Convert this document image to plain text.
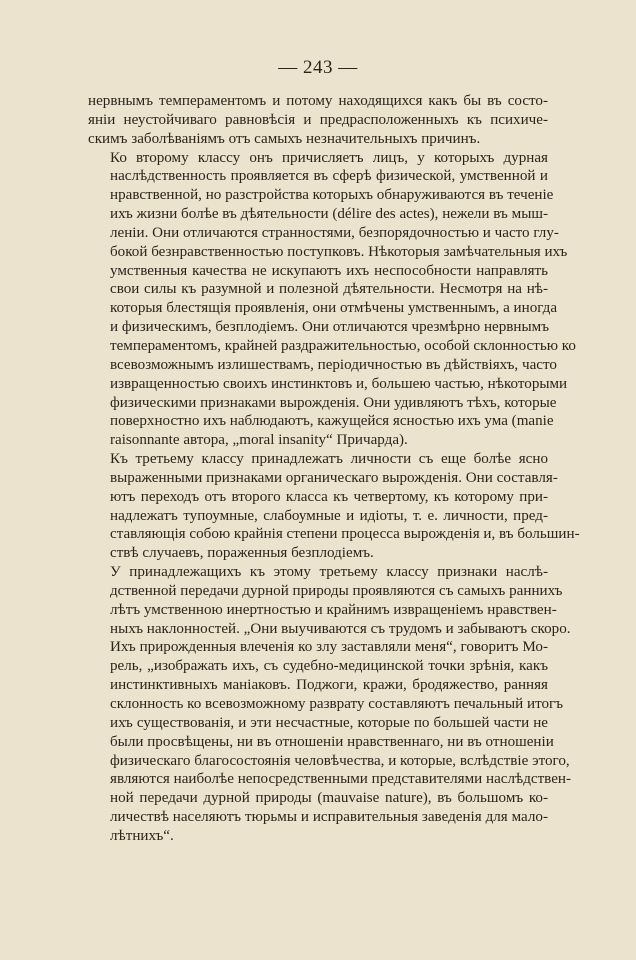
— 243 —

нервнымъ темпераментомъ и потому находящихся какъ бы въ состо-
яніи неустойчиваго равновѣсія и предрасположенныхъ къ психиче-
скимъ заболѣваніямъ отъ самыхъ незначительныхъ причинъ.

Ко второму классу онъ причисляетъ лицъ, у которыхъ дурная
наслѣдственность проявляется въ сферѣ физической, умственной и
нравственной, но разстройства которыхъ обнаруживаются въ теченіе
ихъ жизни болѣе въ дѣятельности (délire des actes), нежели въ мыш-
леніи. Они отличаются странностями, безпорядочностью и часто глу-
бокой безнравственностью поступковъ. Нѣкоторыя замѣчательныя ихъ
умственныя качества не искупаютъ ихъ неспособности направлять
свои силы къ разумной и полезной дѣятельности. Несмотря на нѣ-
которыя блестящія проявленія, они отмѣчены умственнымъ, а иногда
и физическимъ, безплодіемъ. Они отличаются чрезмѣрно нервнымъ
темпераментомъ, крайней раздражительностью, особой склонностью ко
всевозможнымъ излишествамъ, періодичностью въ дѣйствіяхъ, часто
извращенностью своихъ инстинктовъ и, большею частью, нѣкоторыми
физическими признаками вырожденія. Они удивляютъ тѣхъ, которые
поверхностно ихъ наблюдаютъ, кажущейся ясностью ихъ ума (manie
raisonnante автора, „moral insanity“ Причарда).

Къ третьему классу принадлежатъ личности съ еще болѣе ясно
выраженными признаками органическаго вырожденія. Они составля-
ютъ переходъ отъ второго класса къ четвертому, къ которому при-
надлежатъ тупоумные, слабоумные и идіоты, т. е. личности, пред-
ставляющія собою крайнія степени процесса вырожденія и, въ большин-
ствѣ случаевъ, пораженныя безплодіемъ.

У принадлежащихъ къ этому третьему классу признаки наслѣ-
дственной передачи дурной природы проявляются съ самыхъ раннихъ
лѣтъ умственною инертностью и крайнимъ извращеніемъ нравствен-
ныхъ наклонностей. „Они выучиваются съ трудомъ и забываютъ скоро.
Ихъ прирожденныя влеченія ко злу заставляли меня“, говоритъ Мо-
рель, „изображать ихъ, съ судебно-медицинской точки зрѣнія, какъ
инстинктивныхъ маніаковъ. Поджоги, кражи, бродяжество, ранняя
склонность ко всевозможному разврату составляютъ печальный итогъ
ихъ существованія, и эти несчастные, которые по большей части не
были просвѣщены, ни въ отношеніи нравственнаго, ни въ отношеніи
физическаго благосостоянія человѣчества, и которые, вслѣдствіе этого,
являются наиболѣе непосредственными представителями наслѣдствен-
ной передачи дурной природы (mauvaise nature), въ большомъ ко-
личествѣ населяютъ тюрьмы и исправительныя заведенія для мало-
лѣтнихъ“.
